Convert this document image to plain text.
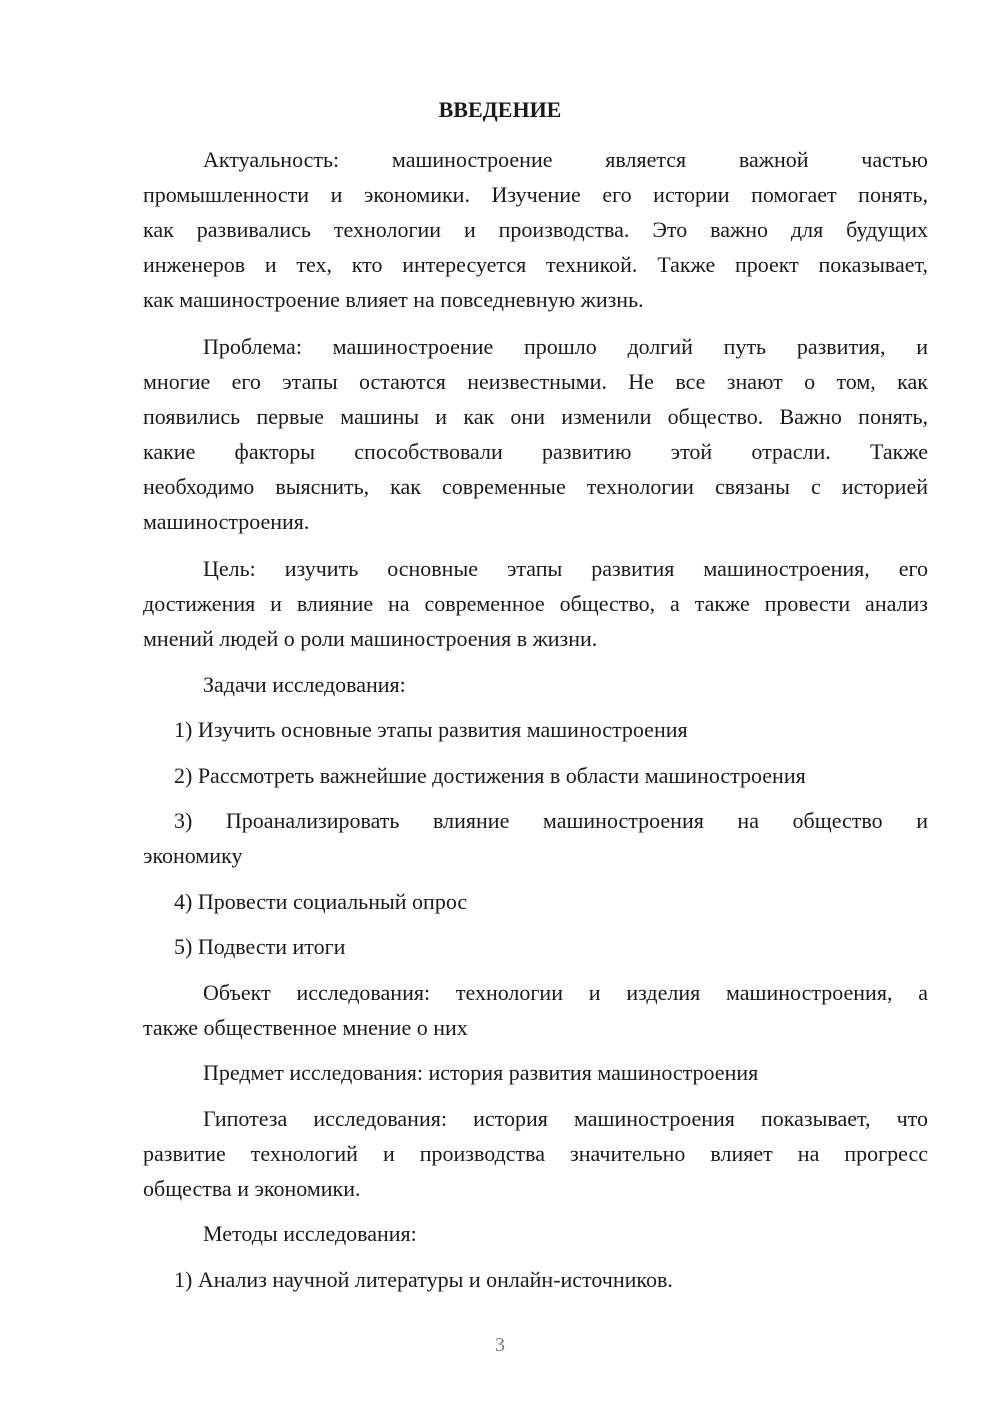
ВВЕДЕНИЕ
Актуальность: машиностроение является важной частью
промышленности и экономики. Изучение его истории помогает понять,
как развивались технологии и производства. Это важно для будущих
инженеров и тех, кто интересуется техникой. Также проект показывает,
как машиностроение влияет на повседневную жизнь.
Проблема: машиностроение прошло долгий путь развития, и
многие его этапы остаются неизвестными. Не все знают о том, как
появились первые машины и как они изменили общество. Важно понять,
какие факторы способствовали развитию этой отрасли. Также
необходимо выяснить, как современные технологии связаны с историей
машиностроения.
Цель: изучить основные этапы развития машиностроения, его
достижения и влияние на современное общество, а также провести анализ
мнений людей о роли машиностроения в жизни.
Задачи исследования:
1) Изучить основные этапы развития машиностроения
2) Рассмотреть важнейшие достижения в области машиностроения
3) Проанализировать влияние машиностроения на общество и
экономику
4) Провести социальный опрос
5) Подвести итоги
Объект исследования: технологии и изделия машиностроения, а
также общественное мнение о них
Предмет исследования: история развития машиностроения
Гипотеза исследования: история машиностроения показывает, что
развитие технологий и производства значительно влияет на прогресс
общества и экономики.
Методы исследования:
1) Анализ научной литературы и онлайн-источников.
3
